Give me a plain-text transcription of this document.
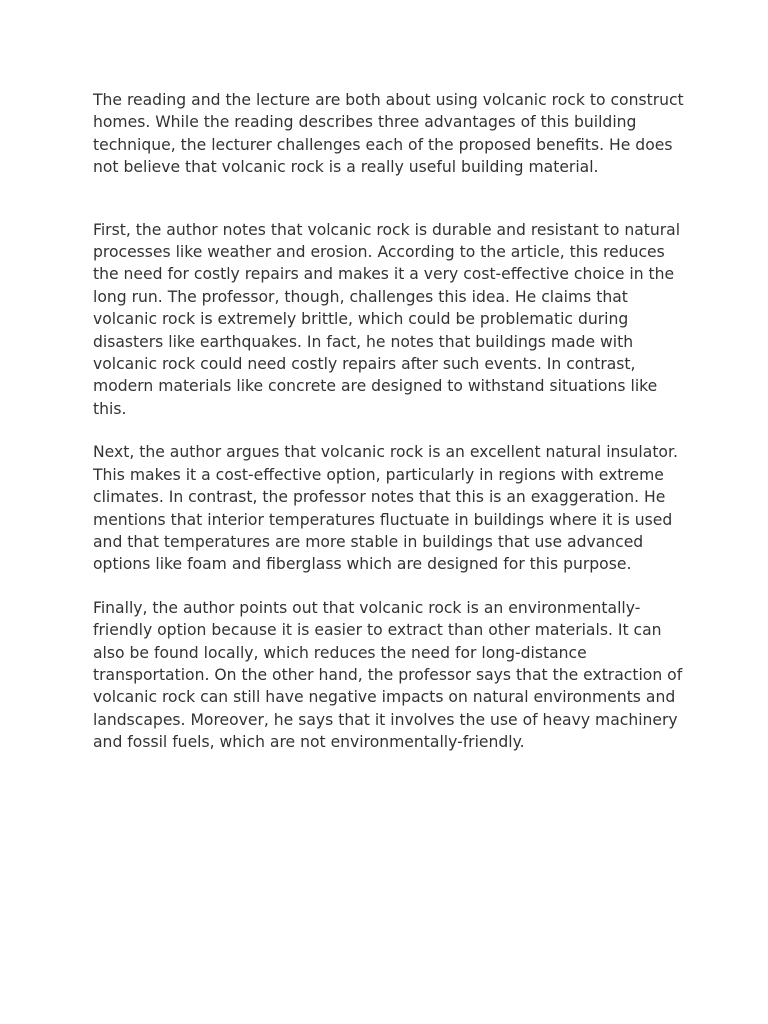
The reading and the lecture are both about using volcanic rock to construct homes. While the reading describes three advantages of this building technique, the lecturer challenges each of the proposed benefits. He does not believe that volcanic rock is a really useful building material.

First, the author notes that volcanic rock is durable and resistant to natural processes like weather and erosion. According to the article, this reduces the need for costly repairs and makes it a very cost-effective choice in the long run. The professor, though, challenges this idea. He claims that volcanic rock is extremely brittle, which could be problematic during disasters like earthquakes. In fact, he notes that buildings made with volcanic rock could need costly repairs after such events. In contrast, modern materials like concrete are designed to withstand situations like this.

Next, the author argues that volcanic rock is an excellent natural insulator. This makes it a cost-effective option, particularly in regions with extreme climates. In contrast, the professor notes that this is an exaggeration. He mentions that interior temperatures fluctuate in buildings where it is used and that temperatures are more stable in buildings that use advanced options like foam and fiberglass which are designed for this purpose.

Finally, the author points out that volcanic rock is an environmentally-friendly option because it is easier to extract than other materials. It can also be found locally, which reduces the need for long-distance transportation. On the other hand, the professor says that the extraction of volcanic rock can still have negative impacts on natural environments and landscapes. Moreover, he says that it involves the use of heavy machinery and fossil fuels, which are not environmentally-friendly.
